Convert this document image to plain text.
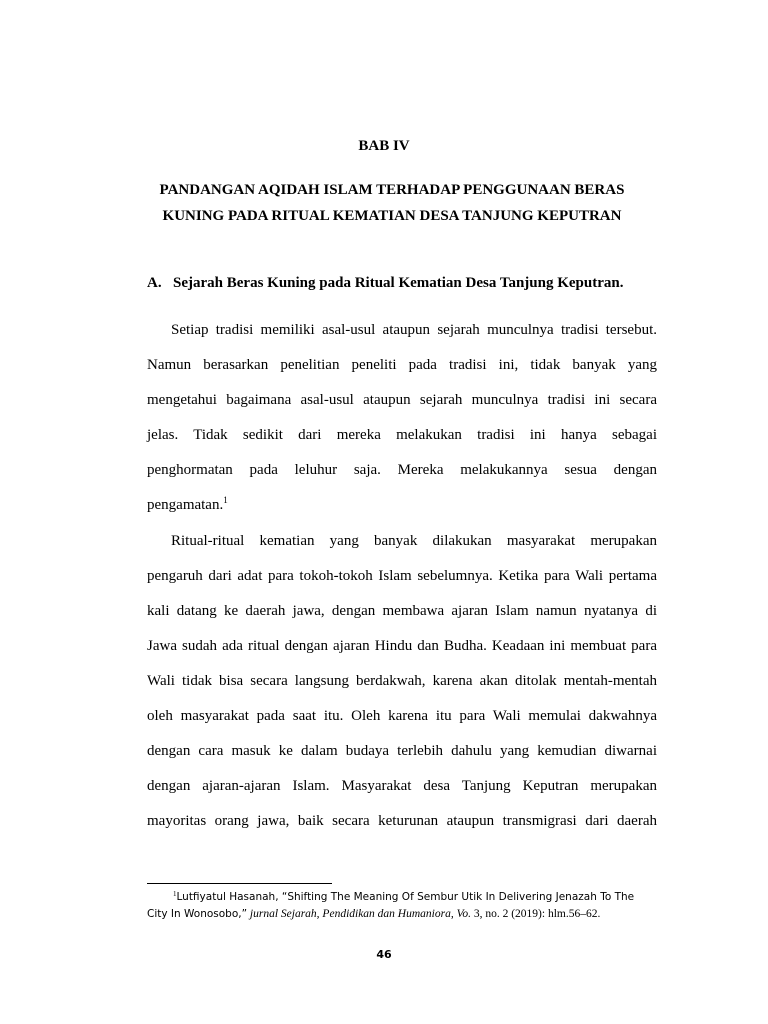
BAB IV
PANDANGAN AQIDAH ISLAM TERHADAP PENGGUNAAN BERAS
KUNING PADA RITUAL KEMATIAN DESA TANJUNG KEPUTRAN
A. Sejarah Beras Kuning pada Ritual Kematian Desa Tanjung Keputran.
Setiap tradisi memiliki asal-usul ataupun sejarah munculnya tradisi tersebut.
Namun berasarkan penelitian peneliti pada tradisi ini, tidak banyak yang
mengetahui bagaimana asal-usul ataupun sejarah munculnya tradisi ini secara
jelas. Tidak sedikit dari mereka melakukan tradisi ini hanya sebagai
penghormatan pada leluhur saja. Mereka melakukannya sesua dengan
pengamatan.$^1$
Ritual-ritual kematian yang banyak dilakukan masyarakat merupakan
pengaruh dari adat para tokoh-tokoh Islam sebelumnya. Ketika para Wali pertama
kali datang ke daerah jawa, dengan membawa ajaran Islam namun nyatanya di
Jawa sudah ada ritual dengan ajaran Hindu dan Budha. Keadaan ini membuat para
Wali tidak bisa secara langsung berdakwah, karena akan ditolak mentah-mentah
oleh masyarakat pada saat itu. Oleh karena itu para Wali memulai dakwahnya
dengan cara masuk ke dalam budaya terlebih dahulu yang kemudian diwarnai
dengan ajaran-ajaran Islam. Masyarakat desa Tanjung Keputran merupakan
mayoritas orang jawa, baik secara keturunan ataupun transmigrasi dari daerah
$^1$Lutfiyatul Hasanah, “Shifting The Meaning Of Sembur Utik In Delivering Jenazah To The
City In Wonosobo,” jurnal Sejarah, Pendidikan dan Humaniora, Vo. 3, no. 2 (2019): hlm.56–62.
46
